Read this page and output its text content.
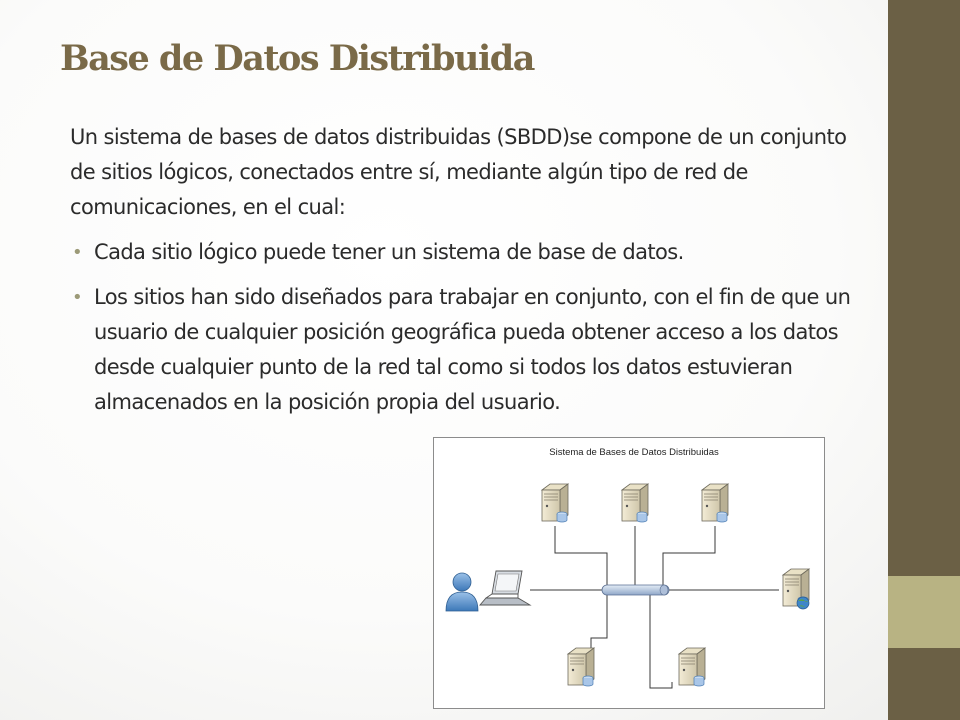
Base de Datos Distribuida

Un sistema de bases de datos distribuidas (SBDD)se compone de un conjunto de sitios lógicos, conectados entre sí, mediante algún tipo de red de comunicaciones, en el cual:

• Cada sitio lógico puede tener un sistema de base de datos.
• Los sitios han sido diseñados para trabajar en conjunto, con el fin de que un usuario de cualquier posición geográfica pueda obtener acceso a los datos desde cualquier punto de la red tal como si todos los datos estuvieran almacenados en la posición propia del usuario.
Sistema de Bases de Datos Distribuidas
